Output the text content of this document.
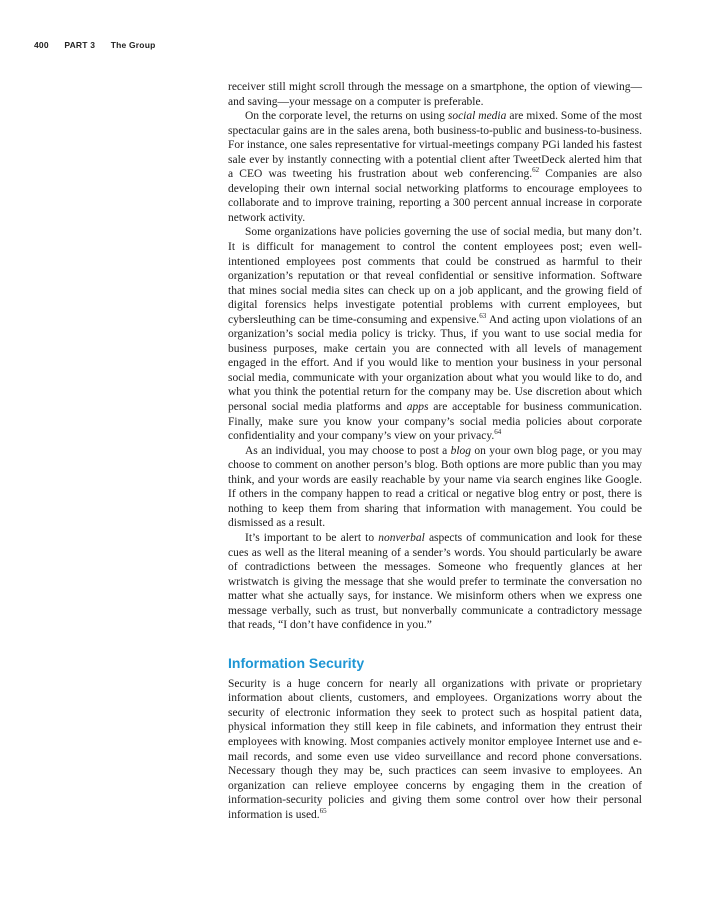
400 PART 3 The Group

receiver still might scroll through the message on a smartphone, the option of viewing—and saving—your message on a computer is preferable.

On the corporate level, the returns on using social media are mixed. Some of the most spectacular gains are in the sales arena, both business-to-public and business-to-business. For instance, one sales representative for virtual-meetings company PGi landed his fastest sale ever by instantly connecting with a potential client after TweetDeck alerted him that a CEO was tweeting his frustration about web conferencing.$^{62}$ Companies are also developing their own internal social networking platforms to encourage employees to collaborate and to improve training, reporting a 300 percent annual increase in corporate network activity.

Some organizations have policies governing the use of social media, but many don’t. It is difficult for management to control the content employees post; even well-intentioned employees post comments that could be construed as harmful to their organization’s reputation or that reveal confidential or sensitive information. Software that mines social media sites can check up on a job applicant, and the growing field of digital forensics helps investigate potential problems with current employees, but cybersleuthing can be time-consuming and expensive.$^{63}$ And acting upon violations of an organization’s social media policy is tricky. Thus, if you want to use social media for business purposes, make certain you are connected with all levels of management engaged in the effort. And if you would like to mention your business in your personal social media, communicate with your organization about what you would like to do, and what you think the potential return for the company may be. Use discretion about which personal social media platforms and apps are acceptable for business communication. Finally, make sure you know your company’s social media policies about corporate confidentiality and your company’s view on your privacy.$^{64}$

As an individual, you may choose to post a blog on your own blog page, or you may choose to comment on another person’s blog. Both options are more public than you may think, and your words are easily reachable by your name via search engines like Google. If others in the company happen to read a critical or negative blog entry or post, there is nothing to keep them from sharing that information with management. You could be dismissed as a result.

It’s important to be alert to nonverbal aspects of communication and look for these cues as well as the literal meaning of a sender’s words. You should particularly be aware of contradictions between the messages. Someone who frequently glances at her wristwatch is giving the message that she would prefer to terminate the conversation no matter what she actually says, for instance. We misinform others when we express one message verbally, such as trust, but nonverbally communicate a contradictory message that reads, “I don’t have confidence in you.”

Information Security

Security is a huge concern for nearly all organizations with private or proprietary information about clients, customers, and employees. Organizations worry about the security of electronic information they seek to protect such as hospital patient data, physical information they still keep in file cabinets, and information they entrust their employees with knowing. Most companies actively monitor employee Internet use and e-mail records, and some even use video surveillance and record phone conversations. Necessary though they may be, such practices can seem invasive to employees. An organization can relieve employee concerns by engaging them in the creation of information-security policies and giving them some control over how their personal information is used.$^{65}$
